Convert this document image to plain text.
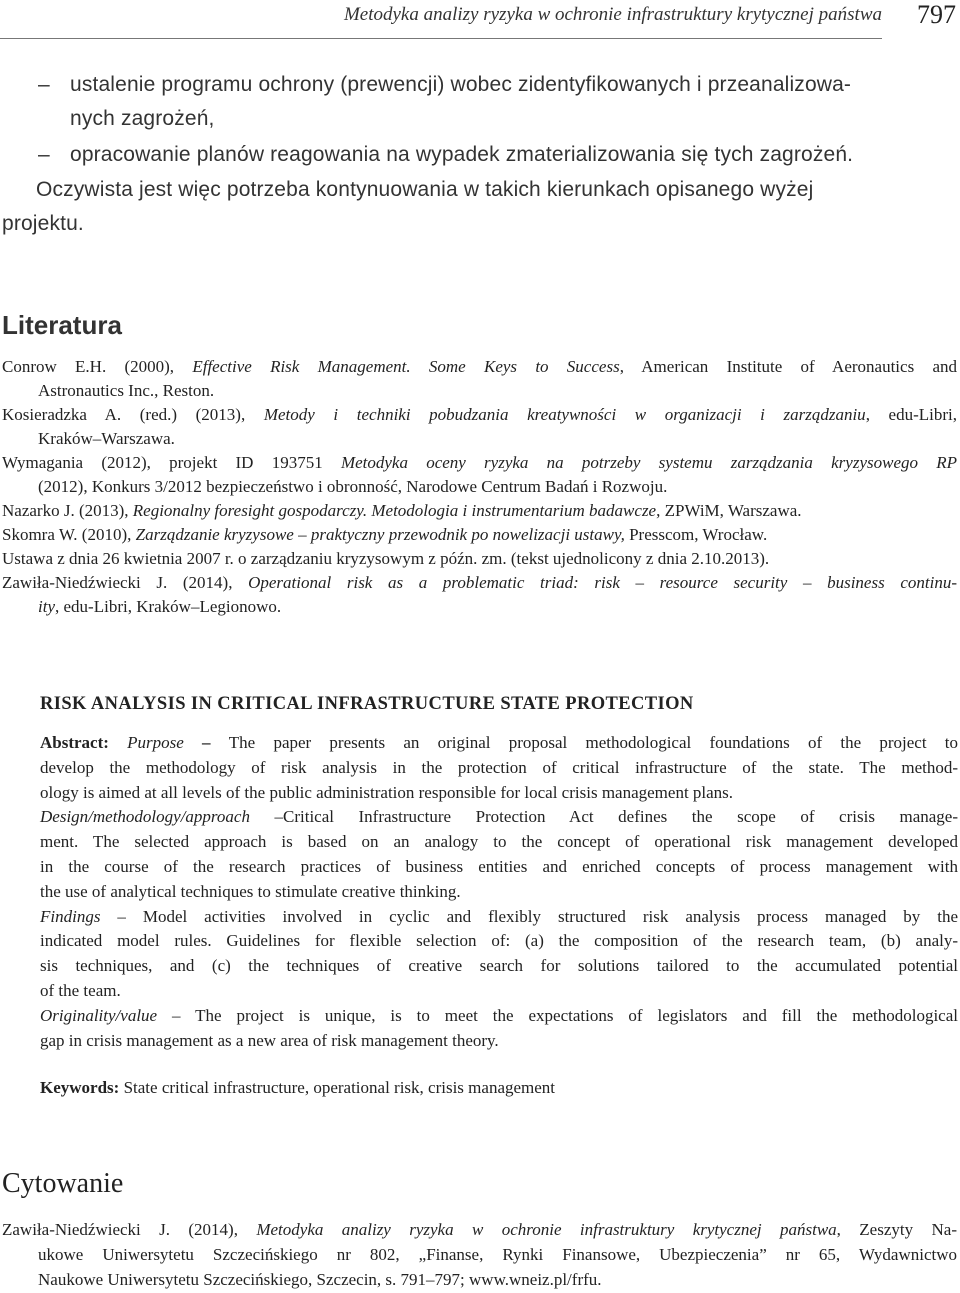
Metodyka analizy ryzyka w ochronie infrastruktury krytycznej państwa 797
– ustalenie programu ochrony (prewencji) wobec zidentyfikowanych i przeanalizowa-
nych zagrożeń,
– opracowanie planów reagowania na wypadek zmaterializowania się tych zagrożeń.
Oczywista jest więc potrzeba kontynuowania w takich kierunkach opisanego wyżej
projektu.
Literatura
Conrow E.H. (2000), Effective Risk Management. Some Keys to Success, American Institute of Aeronautics and
Astronautics Inc., Reston.
Kosieradzka A. (red.) (2013), Metody i techniki pobudzania kreatywności w organizacji i zarządzaniu, edu-Libri,
Kraków–Warszawa.
Wymagania (2012), projekt ID 193751 Metodyka oceny ryzyka na potrzeby systemu zarządzania kryzysowego RP
(2012), Konkurs 3/2012 bezpieczeństwo i obronność, Narodowe Centrum Badań i Rozwoju.
Nazarko J. (2013), Regionalny foresight gospodarczy. Metodologia i instrumentarium badawcze, ZPWiM, Warszawa.
Skomra W. (2010), Zarządzanie kryzysowe – praktyczny przewodnik po nowelizacji ustawy, Presscom, Wrocław.
Ustawa z dnia 26 kwietnia 2007 r. o zarządzaniu kryzysowym z późn. zm. (tekst ujednolicony z dnia 2.10.2013).
Zawiła-Niedźwiecki J. (2014), Operational risk as a problematic triad: risk – resource security – business continu-
ity, edu-Libri, Kraków–Legionowo.
RISK ANALYSIS IN CRITICAL INFRASTRUCTURE STATE PROTECTION
Abstract: Purpose – The paper presents an original proposal methodological foundations of the project to
develop the methodology of risk analysis in the protection of critical infrastructure of the state. The method-
ology is aimed at all levels of the public administration responsible for local crisis management plans.
Design/methodology/approach –Critical Infrastructure Protection Act defines the scope of crisis manage-
ment. The selected approach is based on an analogy to the concept of operational risk management developed
in the course of the research practices of business entities and enriched concepts of process management with
the use of analytical techniques to stimulate creative thinking.
Findings – Model activities involved in cyclic and flexibly structured risk analysis process managed by the
indicated model rules. Guidelines for flexible selection of: (a) the composition of the research team, (b) analy-
sis techniques, and (c) the techniques of creative search for solutions tailored to the accumulated potential
of the team.
Originality/value – The project is unique, is to meet the expectations of legislators and fill the methodological
gap in crisis management as a new area of risk management theory.
Keywords: State critical infrastructure, operational risk, crisis management
Cytowanie
Zawiła-Niedźwiecki J. (2014), Metodyka analizy ryzyka w ochronie infrastruktury krytycznej państwa, Zeszyty Na-
ukowe Uniwersytetu Szczecińskiego nr 802, „Finanse, Rynki Finansowe, Ubezpieczenia” nr 65, Wydawnictwo
Naukowe Uniwersytetu Szczecińskiego, Szczecin, s. 791–797; www.wneiz.pl/frfu.
